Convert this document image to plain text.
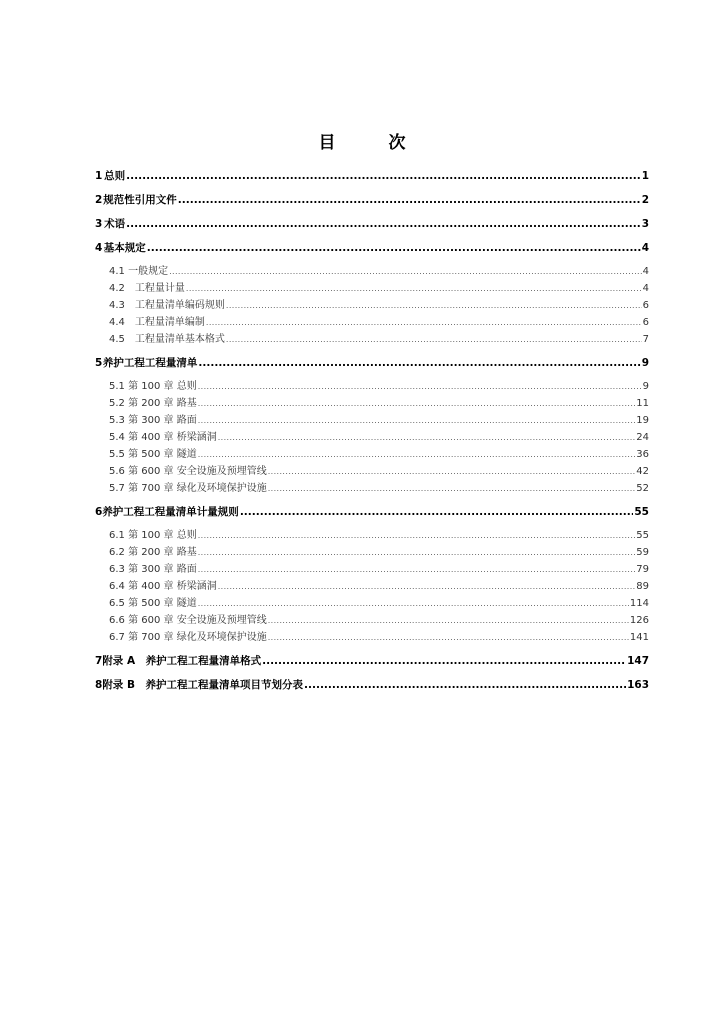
目　次
1 总则 .....	1
2 规范性引用文件 .....	2
3 术语 .....	3
4 基本规定 .....	4
4.1 一般规定 .....	4
4.2　工程量计量 .....	4
4.3　工程量清单编码规则 .....	6
4.4　工程量清单编制 .....	6
4.5　工程量清单基本格式 .....	7
5 养护工程工程量清单 .....	9
5.1 第 100 章 总则 .....	9
5.2 第 200 章 路基 .....	11
5.3 第 300 章 路面 .....	19
5.4 第 400 章 桥梁涵洞 .....	24
5.5 第 500 章 隧道 .....	36
5.6 第 600 章 安全设施及预埋管线 .....	42
5.7 第 700 章 绿化及环境保护设施 .....	52
6 养护工程工程量清单计量规则 .....	55
6.1 第 100 章 总则 .....	55
6.2 第 200 章 路基 .....	59
6.3 第 300 章 路面 .....	79
6.4 第 400 章 桥梁涵洞 .....	89
6.5 第 500 章 隧道 .....	114
6.6 第 600 章 安全设施及预埋管线 .....	126
6.7 第 700 章 绿化及环境保护设施 .....	141
7 附录 A　养护工程工程量清单格式 .....	147
8 附录 B　养护工程工程量清单项目节划分表 .....	163
